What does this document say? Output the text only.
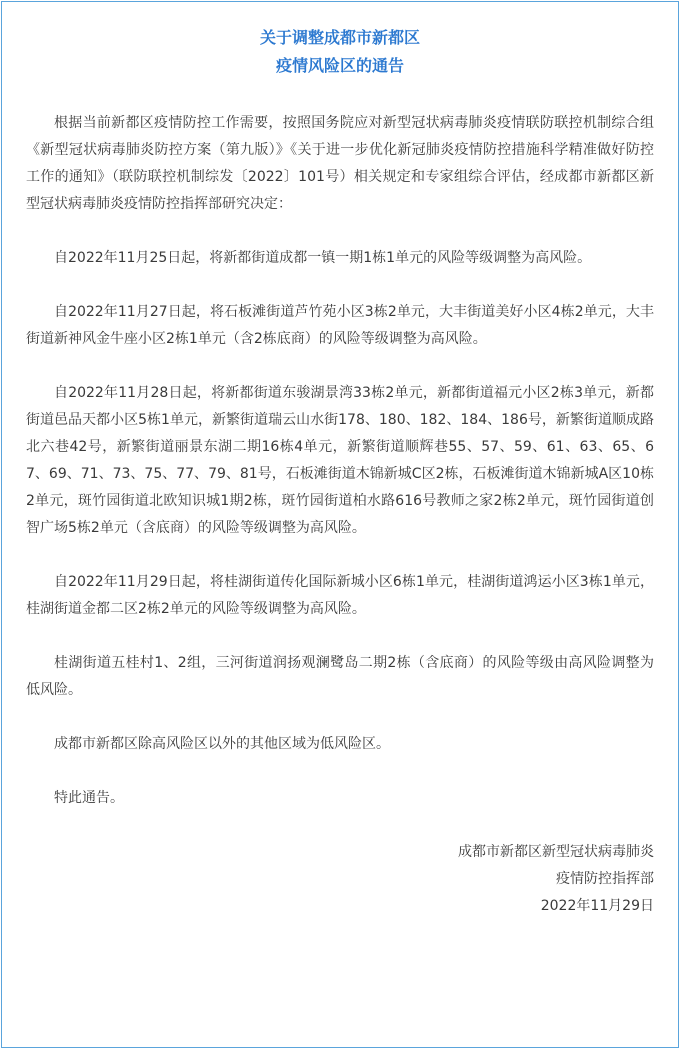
关于调整成都市新都区
疫情风险区的通告

根据当前新都区疫情防控工作需要，按照国务院应对新型冠状病毒肺炎疫情联防联控机制综合组《新型冠状病毒肺炎防控方案（第九版）》《关于进一步优化新冠肺炎疫情防控措施科学精准做好防控工作的通知》（联防联控机制综发〔2022〕101号）相关规定和专家组综合评估，经成都市新都区新型冠状病毒肺炎疫情防控指挥部研究决定：

自2022年11月25日起，将新都街道成都一镇一期1栋1单元的风险等级调整为高风险。

自2022年11月27日起，将石板滩街道芦竹苑小区3栋2单元，大丰街道美好小区4栋2单元，大丰街道新神风金牛座小区2栋1单元（含2栋底商）的风险等级调整为高风险。

自2022年11月28日起，将新都街道东骏湖景湾33栋2单元，新都街道福元小区2栋3单元，新都街道邑品天都小区5栋1单元，新繁街道瑞云山水街178、180、182、184、186号，新繁街道顺成路北六巷42号，新繁街道丽景东湖二期16栋4单元，新繁街道顺辉巷55、57、59、61、63、65、67、69、71、73、75、77、79、81号，石板滩街道木锦新城C区2栋，石板滩街道木锦新城A区10栋2单元，斑竹园街道北欧知识城1期2栋，斑竹园街道柏水路616号教师之家2栋2单元，斑竹园街道创智广场5栋2单元（含底商）的风险等级调整为高风险。

自2022年11月29日起，将桂湖街道传化国际新城小区6栋1单元，桂湖街道鸿运小区3栋1单元，桂湖街道金都二区2栋2单元的风险等级调整为高风险。

桂湖街道五桂村1、2组，三河街道润扬观澜鹭岛二期2栋（含底商）的风险等级由高风险调整为低风险。

成都市新都区除高风险区以外的其他区域为低风险区。

特此通告。

成都市新都区新型冠状病毒肺炎
疫情防控指挥部
2022年11月29日
